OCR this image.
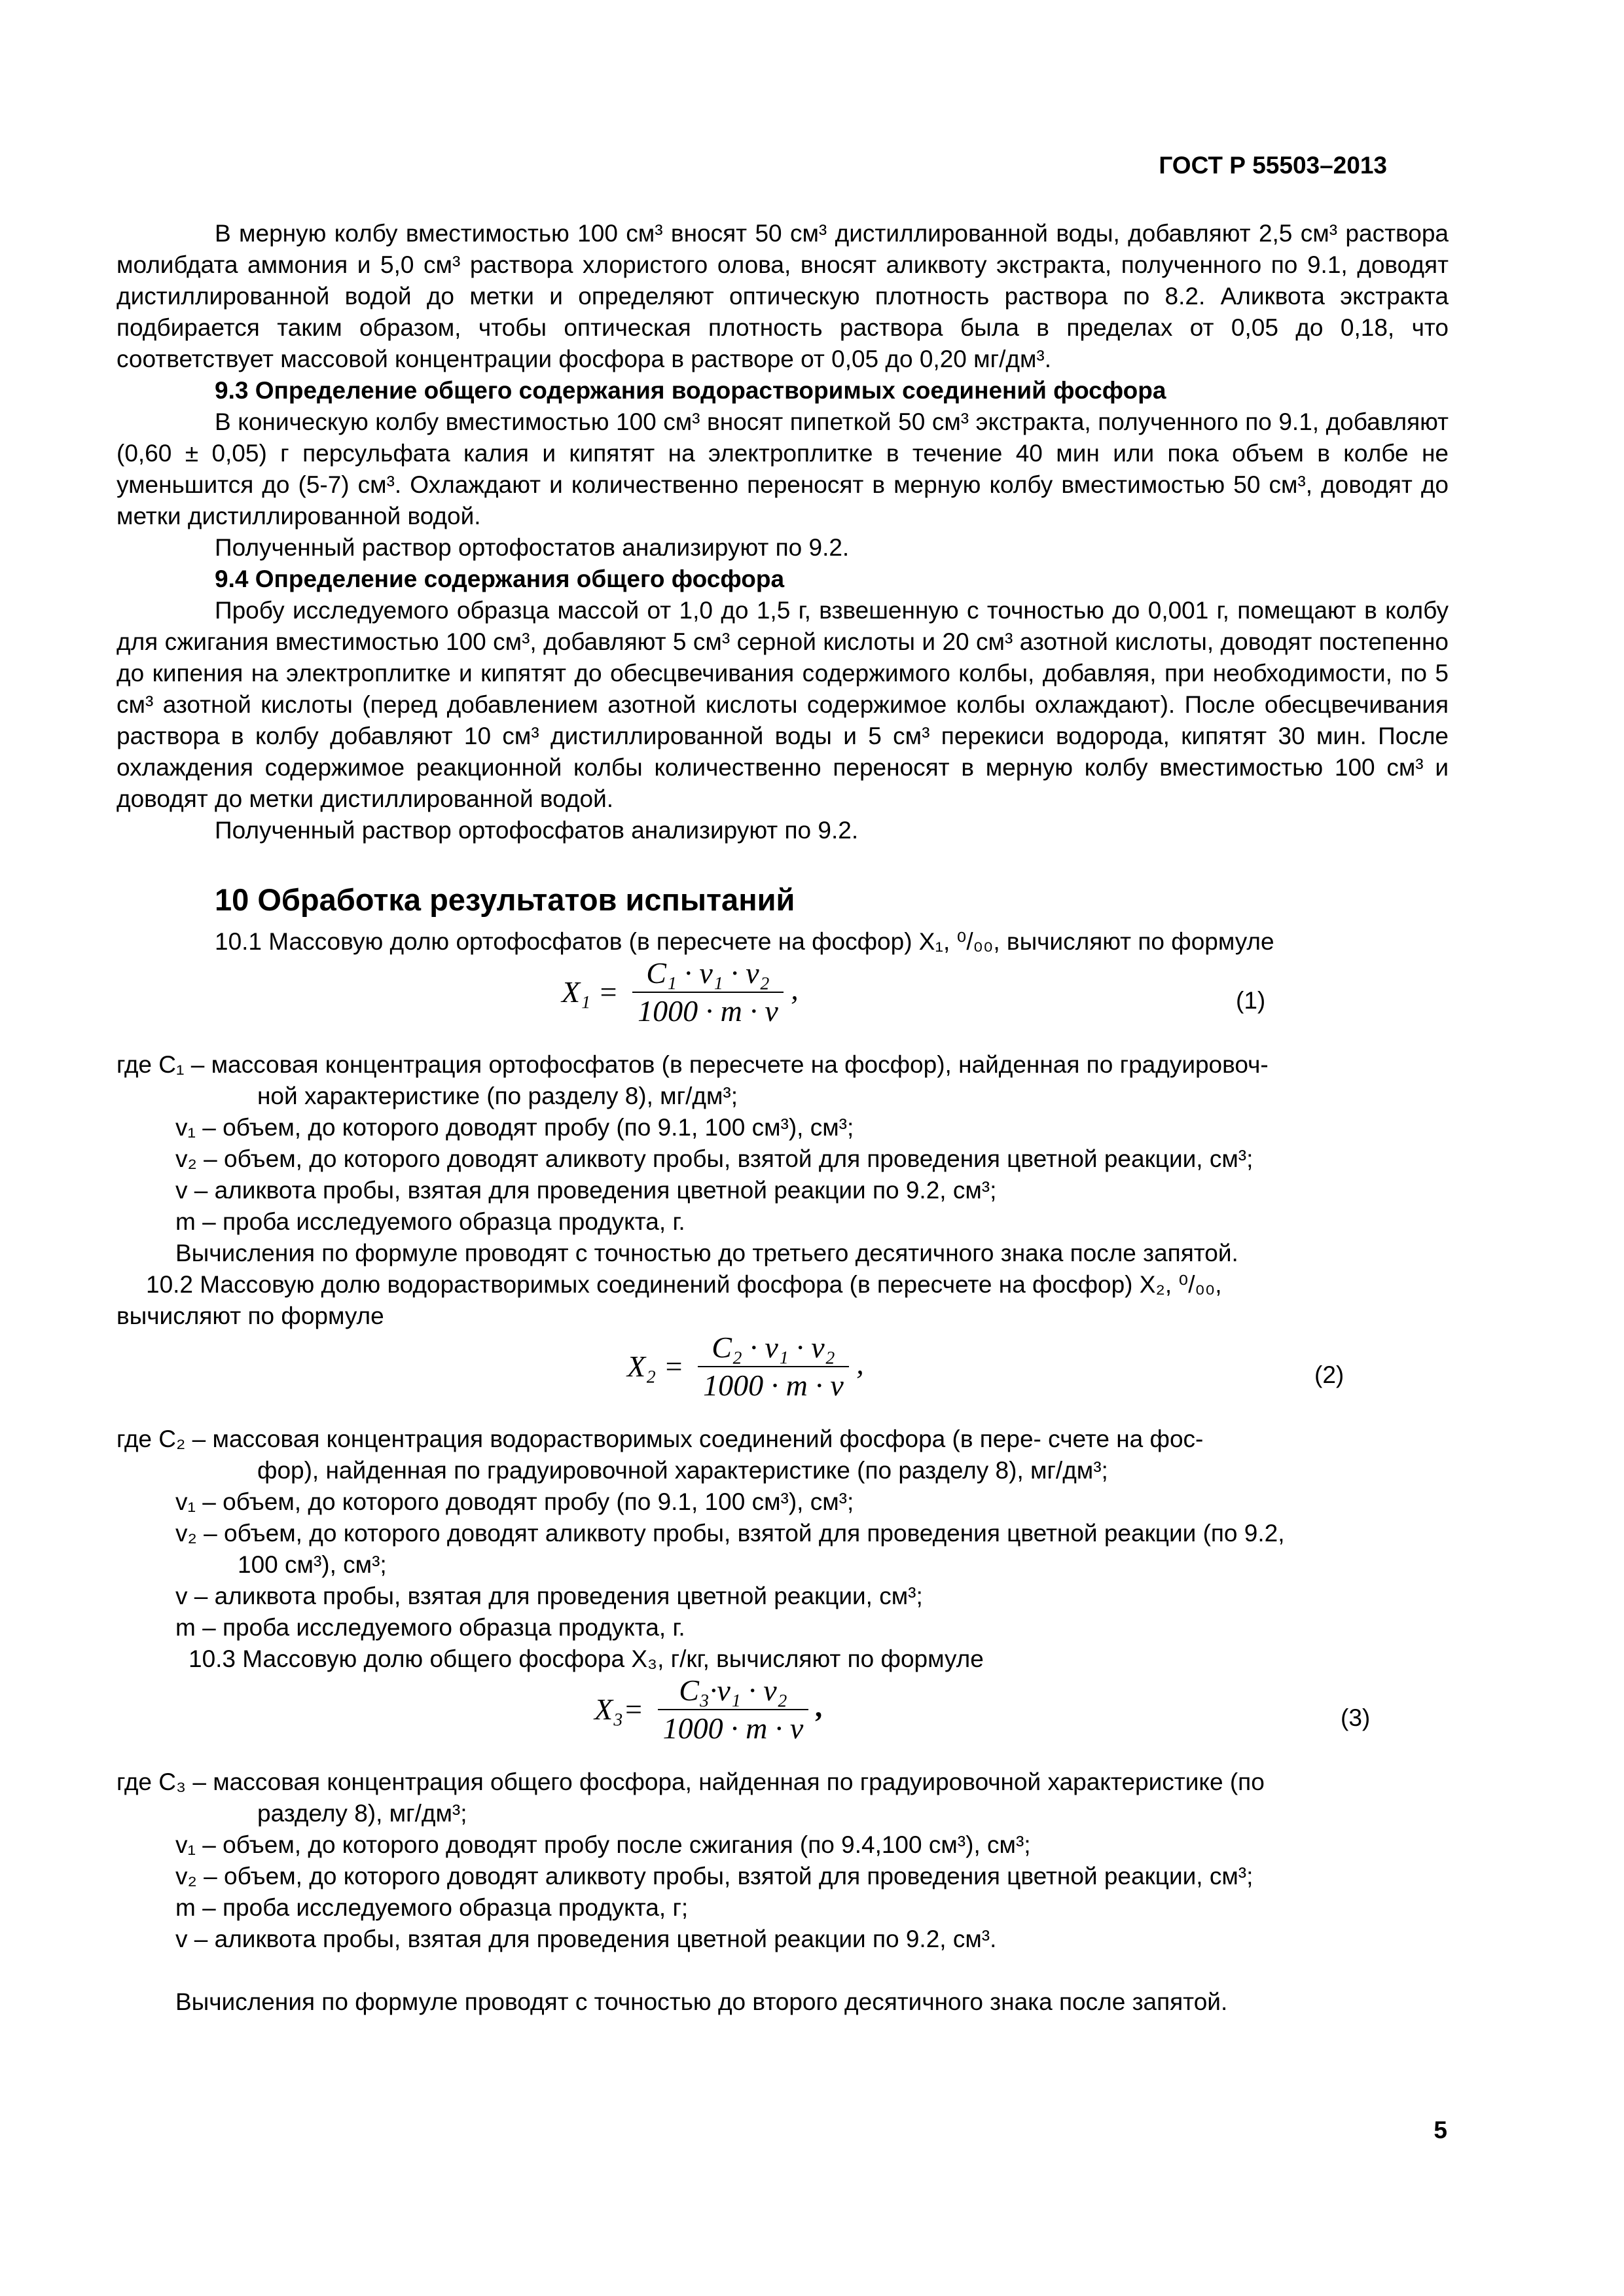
ГОСТ Р 55503–2013

В мерную колбу вместимостью 100 см³ вносят 50 см³ дистиллированной воды, добавляют 2,5 см³ раствора молибдата аммония и 5,0 см³ раствора хлористого олова, вносят аликвоту экстракта, полученного по 9.1, доводят дистиллированной водой до метки и определяют оптическую плотность раствора по 8.2. Аликвота экстракта подбирается таким образом, чтобы оптическая плотность раствора была в пределах от 0,05 до 0,18, что соответствует массовой концентрации фосфора в растворе от 0,05 до 0,20 мг/дм³.

9.3 Определение общего содержания водорастворимых соединений фосфора

В коническую колбу вместимостью 100 см³ вносят пипеткой 50 см³ экстракта, полученного по 9.1, добавляют (0,60 ± 0,05) г персульфата калия и кипятят на электроплитке в течение 40 мин или пока объем в колбе не уменьшится до (5-7) см³. Охлаждают и количественно переносят в мерную колбу вместимостью 50 см³, доводят до метки дистиллированной водой.

Полученный раствор ортофостатов анализируют по 9.2.

9.4 Определение содержания общего фосфора

Пробу исследуемого образца массой от 1,0 до 1,5 г, взвешенную с точностью до 0,001 г, помещают в колбу для сжигания вместимостью 100 см³, добавляют 5 см³ серной кислоты и 20 см³ азотной кислоты, доводят постепенно до кипения на электроплитке и кипятят до обесцвечивания содержимого колбы, добавляя, при необходимости, по 5 см³ азотной кислоты (перед добавлением азотной кислоты содержимое колбы охлаждают). После обесцвечивания раствора в колбу добавляют 10 см³ дистиллированной воды и 5 см³ перекиси водорода, кипятят 30 мин. После охлаждения содержимое реакционной колбы количественно переносят в мерную колбу вместимостью 100 см³ и доводят до метки дистиллированной водой.

Полученный раствор ортофосфатов анализируют по 9.2.

10 Обработка результатов испытаний

10.1 Массовую долю ортофосфатов (в пересчете на фосфор) X₁, ⁰/₀₀, вычисляют по формуле

$X_1 = \frac{\text{C₁ · v₁ · v₂}}{1000 \cdot m \cdot v}$ ,	(1)

где C₁ – массовая концентрация ортофосфатов (в пересчете на фосфор), найденная по градуировоч-

ной характеристике (по разделу 8), мг/дм³;

v₁ – объем, до которого доводят пробу (по 9.1, 100 см³), см³;

v₂ – объем, до которого доводят аликвоту пробы, взятой для проведения цветной реакции, см³;

v – аликвота пробы, взятая для проведения цветной реакции по 9.2, см³;

m – проба исследуемого образца продукта, г.

Вычисления по формуле проводят с точностью до третьего десятичного знака после запятой.

10.2 Массовую долю водорастворимых соединений фосфора (в пересчете на фосфор) X₂, ⁰/₀₀,

вычисляют по формуле

$X_2 = \frac{\text{C₂ · v₁ · v₂}}{1000 \cdot m \cdot v}$ ,	(2)

где C₂ – массовая концентрация водорастворимых соединений фосфора (в пере- счете на фос-

фор), найденная по градуировочной характеристике (по разделу 8), мг/дм³;

v₁ – объем, до которого доводят пробу (по 9.1, 100 см³), см³;

v₂ – объем, до которого доводят аликвоту пробы, взятой для проведения цветной реакции (по 9.2,

100 см³), см³;

v – аликвота пробы, взятая для проведения цветной реакции, см³;

m – проба исследуемого образца продукта, г.

10.3 Массовую долю общего фосфора X₃, г/кг, вычисляют по формуле

$X_3= \frac{\text{C₃·v₁ · v₂}}{1000 \cdot m \cdot v}$ ,	(3)

где C₃ – массовая концентрация общего фосфора, найденная по градуировочной характеристике (по

разделу 8), мг/дм³;

v₁ – объем, до которого доводят пробу после сжигания (по 9.4,100 см³), см³;

v₂ – объем, до которого доводят аликвоту пробы, взятой для проведения цветной реакции, см³;

m – проба исследуемого образца продукта, г;

v – аликвота пробы, взятая для проведения цветной реакции по 9.2, см³.

Вычисления по формуле проводят с точностью до второго десятичного знака после запятой.

5
